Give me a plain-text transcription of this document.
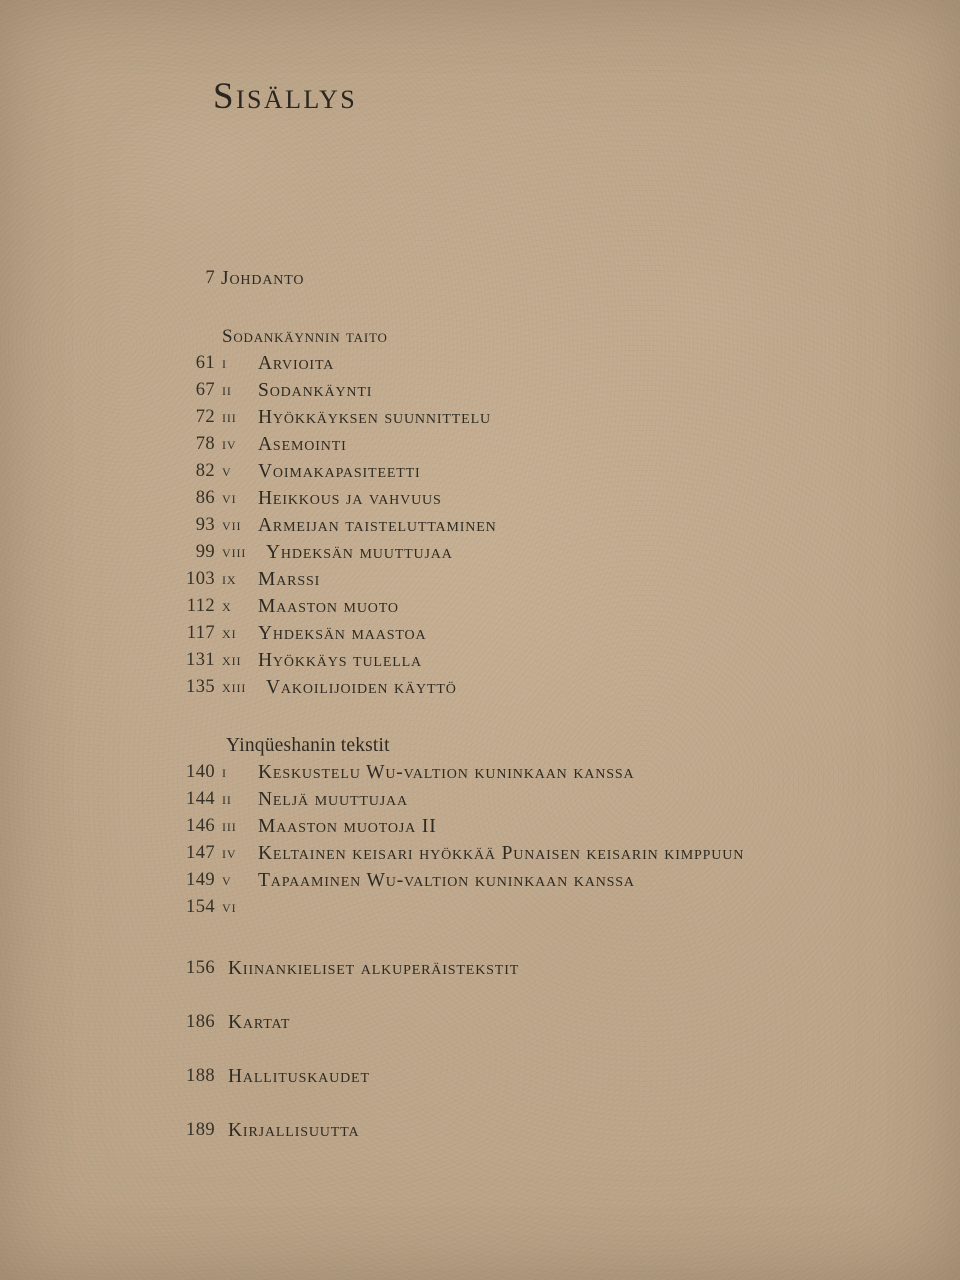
Sisällys
7 Johdanto
Sodankäynnin taito
61 i Arvioita
67 ii Sodankäynti
72 iii Hyökkäyksen suunnittelu
78 iv Asemointi
82 v Voimakapasiteetti
86 vi Heikkous ja vahvuus
93 vii Armeijan taisteluttaminen
99 viii Yhdeksän muuttujaa
103 ix Marssi
112 x Maaston muoto
117 xi Yhdeksän maastoa
131 xii Hyökkäys tulella
135 xiii Vakoilijoiden käyttö
Yinqüeshanin tekstit
140 i Keskustelu Wu-valtion kuninkaan kanssa
144 ii Neljä muuttujaa
146 iii Maaston muotoja II
147 iv Keltainen keisari hyökkää Punaisen keisarin kimppuun
149 v Tapaaminen Wu-valtion kuninkaan kanssa
154 vi
156 Kiinankieliset alkuperäistekstit
186 Kartat
188 Hallituskaudet
189 Kirjallisuutta
